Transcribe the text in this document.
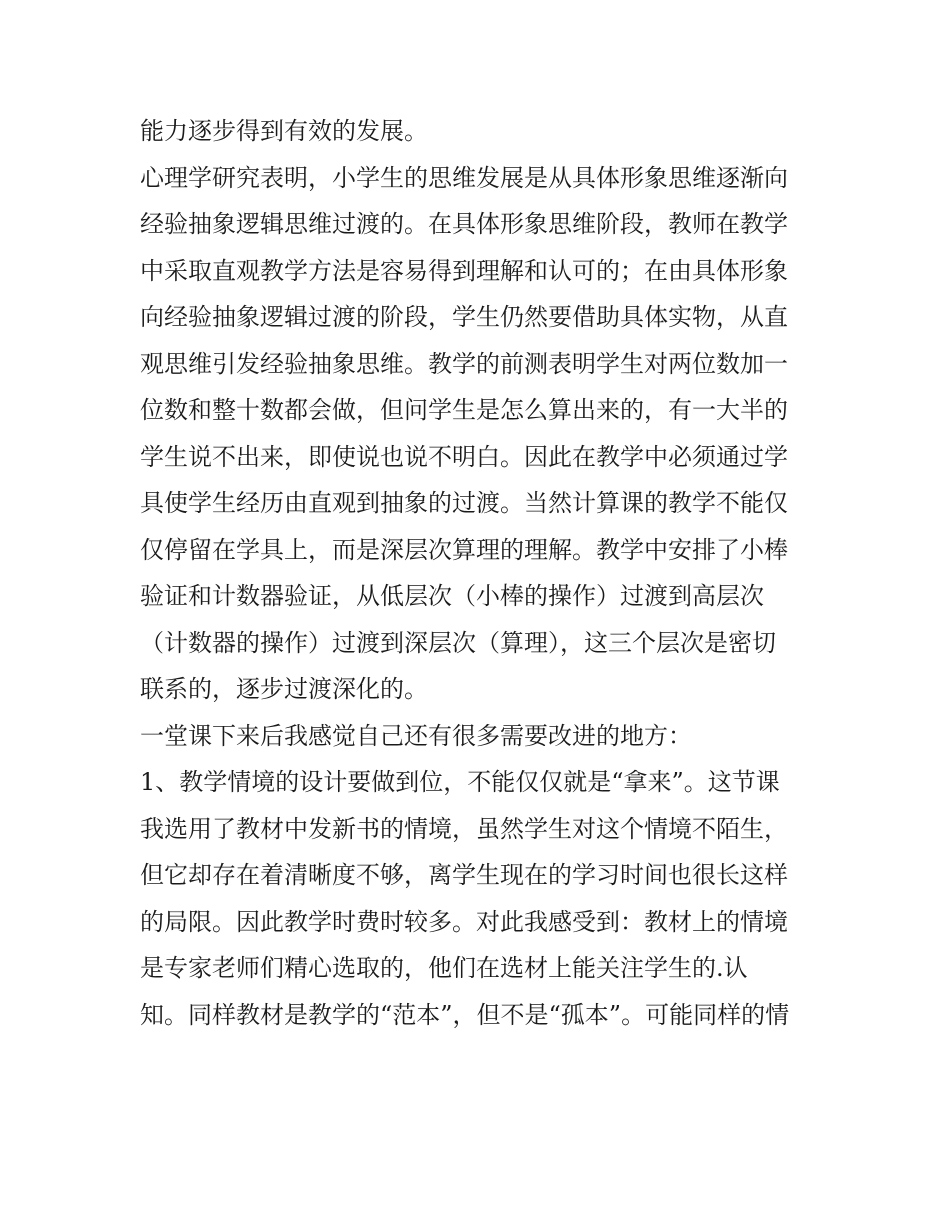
能力逐步得到有效的发展。
心理学研究表明，小学生的思维发展是从具体形象思维逐渐向
经验抽象逻辑思维过渡的。在具体形象思维阶段，教师在教学
中采取直观教学方法是容易得到理解和认可的；在由具体形象
向经验抽象逻辑过渡的阶段，学生仍然要借助具体实物，从直
观思维引发经验抽象思维。教学的前测表明学生对两位数加一
位数和整十数都会做，但问学生是怎么算出来的，有一大半的
学生说不出来，即使说也说不明白。因此在教学中必须通过学
具使学生经历由直观到抽象的过渡。当然计算课的教学不能仅
仅停留在学具上，而是深层次算理的理解。教学中安排了小棒
验证和计数器验证，从低层次（小棒的操作）过渡到高层次
（计数器的操作）过渡到深层次（算理），这三个层次是密切
联系的，逐步过渡深化的。
一堂课下来后我感觉自己还有很多需要改进的地方：
1、教学情境的设计要做到位，不能仅仅就是“拿来”。这节课
我选用了教材中发新书的情境，虽然学生对这个情境不陌生，
但它却存在着清晰度不够，离学生现在的学习时间也很长这样
的局限。因此教学时费时较多。对此我感受到：教材上的情境
是专家老师们精心选取的，他们在选材上能关注学生的.认
知。同样教材是教学的“范本”，但不是“孤本”。可能同样的情
